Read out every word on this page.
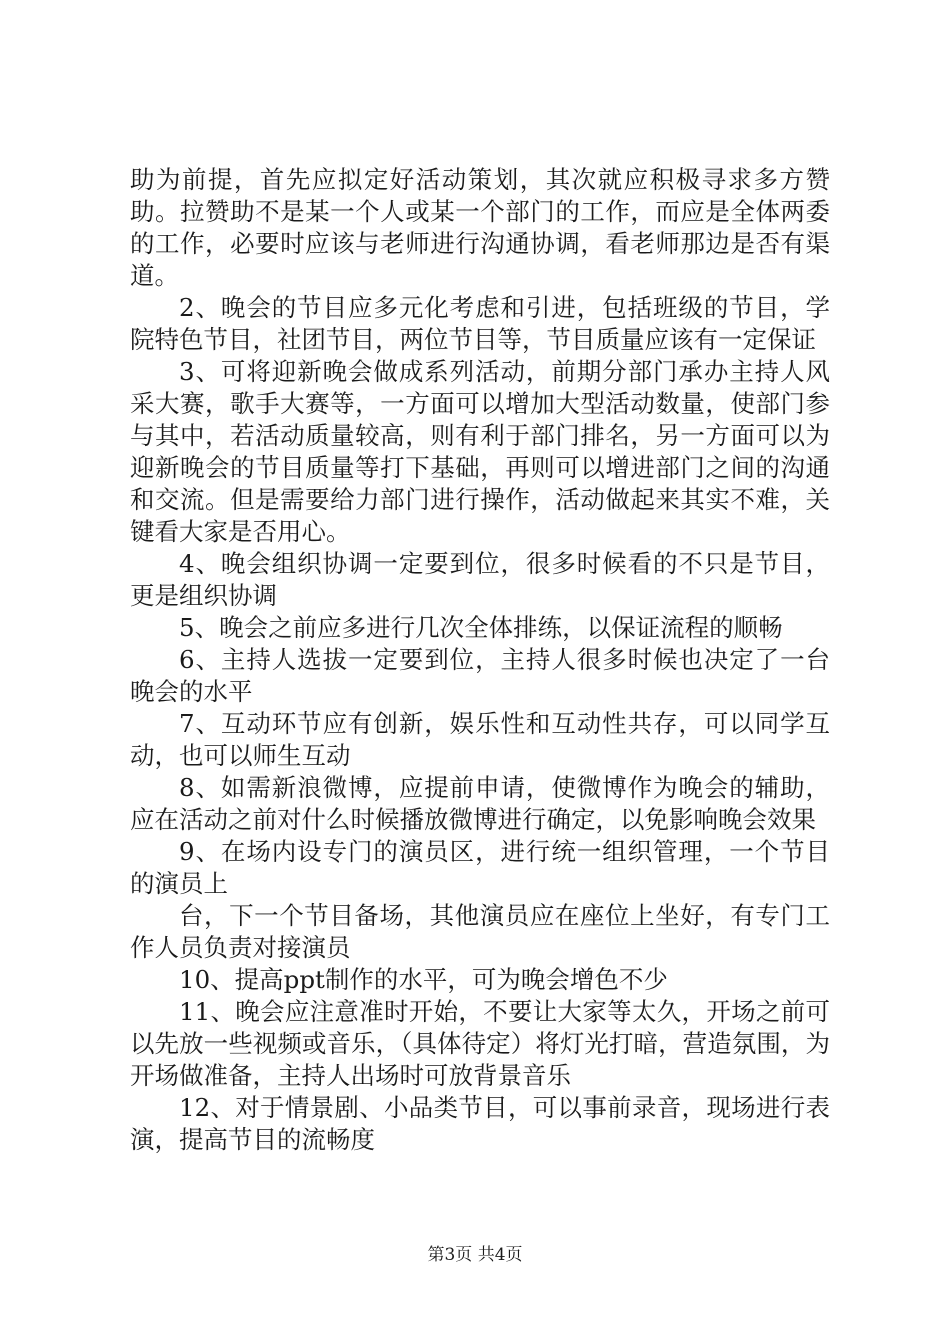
助为前提，首先应拟定好活动策划，其次就应积极寻求多方赞助。拉赞助不是某一个人或某一个部门的工作，而应是全体两委的工作，必要时应该与老师进行沟通协调，看老师那边是否有渠道。

2、晚会的节目应多元化考虑和引进，包括班级的节目，学院特色节目，社团节目，两位节目等，节目质量应该有一定保证

3、可将迎新晚会做成系列活动，前期分部门承办主持人风采大赛，歌手大赛等，一方面可以增加大型活动数量，使部门参与其中，若活动质量较高，则有利于部门排名，另一方面可以为迎新晚会的节目质量等打下基础，再则可以增进部门之间的沟通和交流。但是需要给力部门进行操作，活动做起来其实不难，关键看大家是否用心。

4、晚会组织协调一定要到位，很多时候看的不只是节目，更是组织协调

5、晚会之前应多进行几次全体排练，以保证流程的顺畅

6、主持人选拔一定要到位，主持人很多时候也决定了一台晚会的水平

7、互动环节应有创新，娱乐性和互动性共存，可以同学互动，也可以师生互动

8、如需新浪微博，应提前申请，使微博作为晚会的辅助，应在活动之前对什么时候播放微博进行确定，以免影响晚会效果

9、在场内设专门的演员区，进行统一组织管理，一个节目的演员上

台，下一个节目备场，其他演员应在座位上坐好，有专门工作人员负责对接演员

10、提高ppt制作的水平，可为晚会增色不少

11、晚会应注意准时开始，不要让大家等太久，开场之前可以先放一些视频或音乐，（具体待定）将灯光打暗，营造氛围，为开场做准备，主持人出场时可放背景音乐

12、对于情景剧、小品类节目，可以事前录音，现场进行表演，提高节目的流畅度

第3页 共4页
